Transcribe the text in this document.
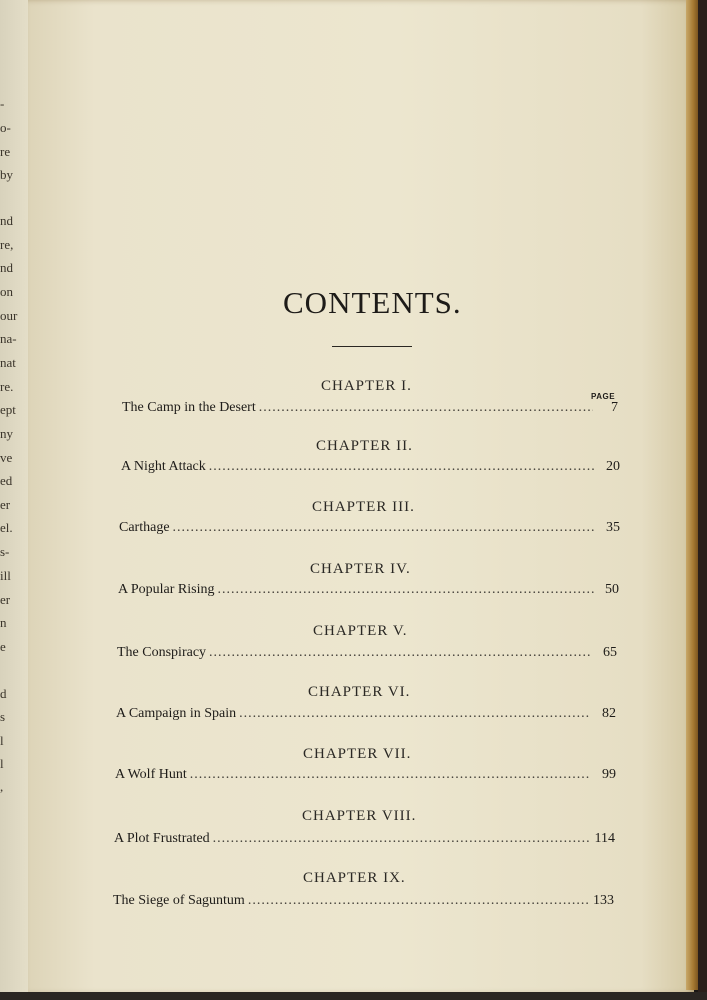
-
o-
re
by
nd
re,
nd
on
our
na-
nat
re.
ept
ny
ve
ed
er
el.
s-
ill
er
n
e
d
s
l
l
,
CONTENTS.
PAGE
CHAPTER I.
The Camp in the Desert .....	7
CHAPTER II.
A Night Attack .....	20
CHAPTER III.
Carthage .....	35
CHAPTER IV.
A Popular Rising .....	50
CHAPTER V.
The Conspiracy .....	65
CHAPTER VI.
A Campaign in Spain .....	82
CHAPTER VII.
A Wolf Hunt .....	99
CHAPTER VIII.
A Plot Frustrated .....	114
CHAPTER IX.
The Siege of Saguntum .....	133
